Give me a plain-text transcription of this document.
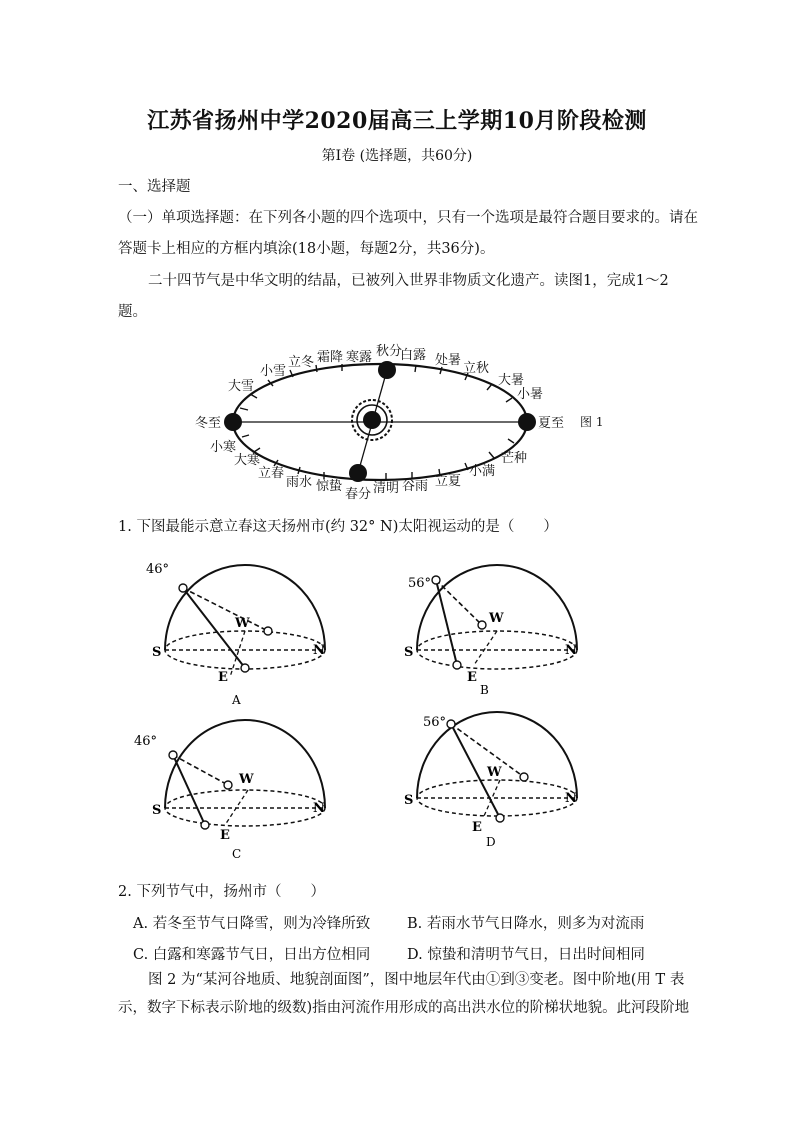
江苏省扬州中学2020届高三上学期10月阶段检测
第Ⅰ卷 (选择题，共60分)
一、选择题
（一）单项选择题：在下列各小题的四个选项中，只有一个选项是最符合题目要求的。请在
答题卡上相应的方框内填涂(18小题，每题2分，共36分)。
二十四节气是中华文明的结晶，已被列入世界非物质文化遗产。读图1，完成1～2
题。
冬至
小寒
大寒
立春
雨水 惊蛰
春分 清明 谷雨 立夏
小满
芒种
夏至
小暑
大暑
立秋
处暑
白露
秋分
寒露
霜降
立冬
小雪
大雪
图 1
1. 下图最能示意立春这天扬州市(约 32° N)太阳视运动的是（　　）
46°
S	N
E
W
A
56°
S	N
E
W
B
46°
S	N
E
W
C
56°
S	N
E
W
D
2. 下列节气中，扬州市（　　）
A. 若冬至节气日降雪，则为冷锋所致	B. 若雨水节气日降水，则多为对流雨
C. 白露和寒露节气日，日出方位相同	D. 惊蛰和清明节气日，日出时间相同
图 2 为“某河谷地质、地貌剖面图”，图中地层年代由①到③变老。图中阶地(用 T 表
示，数字下标表示阶地的级数)指由河流作用形成的高出洪水位的阶梯状地貌。此河段阶地
